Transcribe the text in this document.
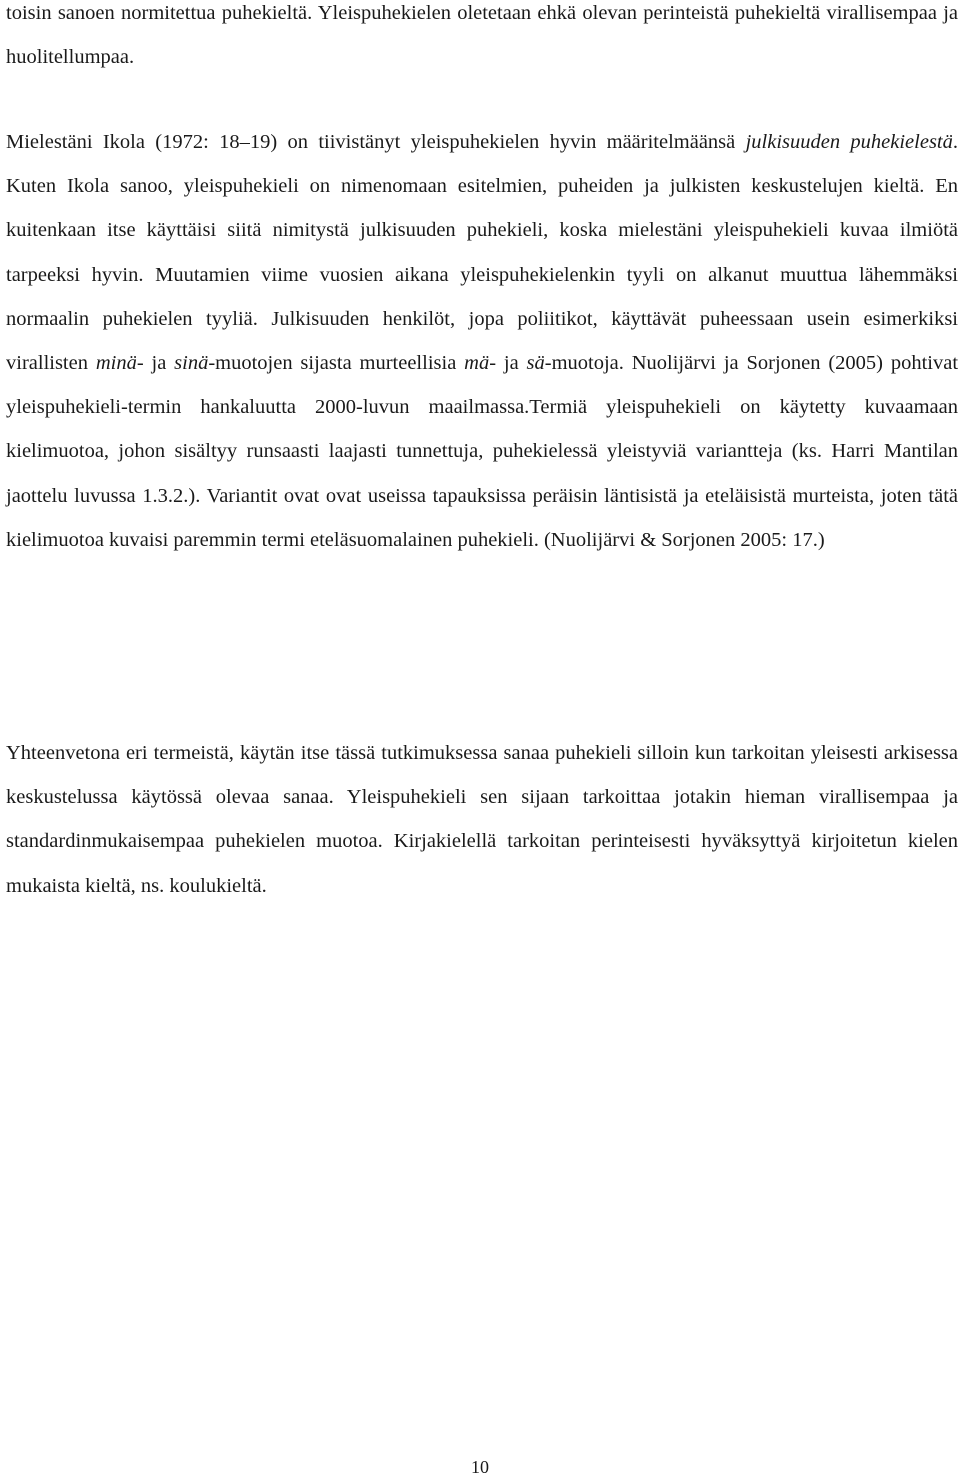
toisin sanoen normitettua puhekieltä. Yleispuhekielen oletetaan ehkä olevan perinteistä puhekieltä virallisempaa ja huolitellumpaa.

Mielestäni Ikola (1972: 18–19) on tiivistänyt yleispuhekielen hyvin määritelmäänsä julkisuuden puhekielestä. Kuten Ikola sanoo, yleispuhekieli on nimenomaan esitelmien, puheiden ja julkisten keskustelujen kieltä. En kuitenkaan itse käyttäisi siitä nimitystä julkisuuden puhekieli, koska mielestäni yleispuhekieli kuvaa ilmiötä tarpeeksi hyvin. Muutamien viime vuosien aikana yleispuhekielenkin tyyli on alkanut muuttua lähemmäksi normaalin puhekielen tyyliä. Julkisuuden henkilöt, jopa poliitikot, käyttävät puheessaan usein esimerkiksi virallisten minä- ja sinä-muotojen sijasta murteellisia mä- ja sä-muotoja. Nuolijärvi ja Sorjonen (2005) pohtivat yleispuhekieli-termin hankaluutta 2000-luvun maailmassa.Termiä yleispuhekieli on käytetty kuvaamaan kielimuotoa, johon sisältyy runsaasti laajasti tunnettuja, puhekielessä yleistyviä variantteja (ks. Harri Mantilan jaottelu luvussa 1.3.2.). Variantit ovat ovat useissa tapauksissa peräisin läntisistä ja eteläisistä murteista, joten tätä kielimuotoa kuvaisi paremmin termi eteläsuomalainen puhekieli. (Nuolijärvi & Sorjonen 2005: 17.)

Yhteenvetona eri termeistä, käytän itse tässä tutkimuksessa sanaa puhekieli silloin kun tarkoitan yleisesti arkisessa keskustelussa käytössä olevaa sanaa. Yleispuhekieli sen sijaan tarkoittaa jotakin hieman virallisempaa ja standardinmukaisempaa puhekielen muotoa. Kirjakielellä tarkoitan perinteisesti hyväksyttyä kirjoitetun kielen mukaista kieltä, ns. koulukieltä.

10
